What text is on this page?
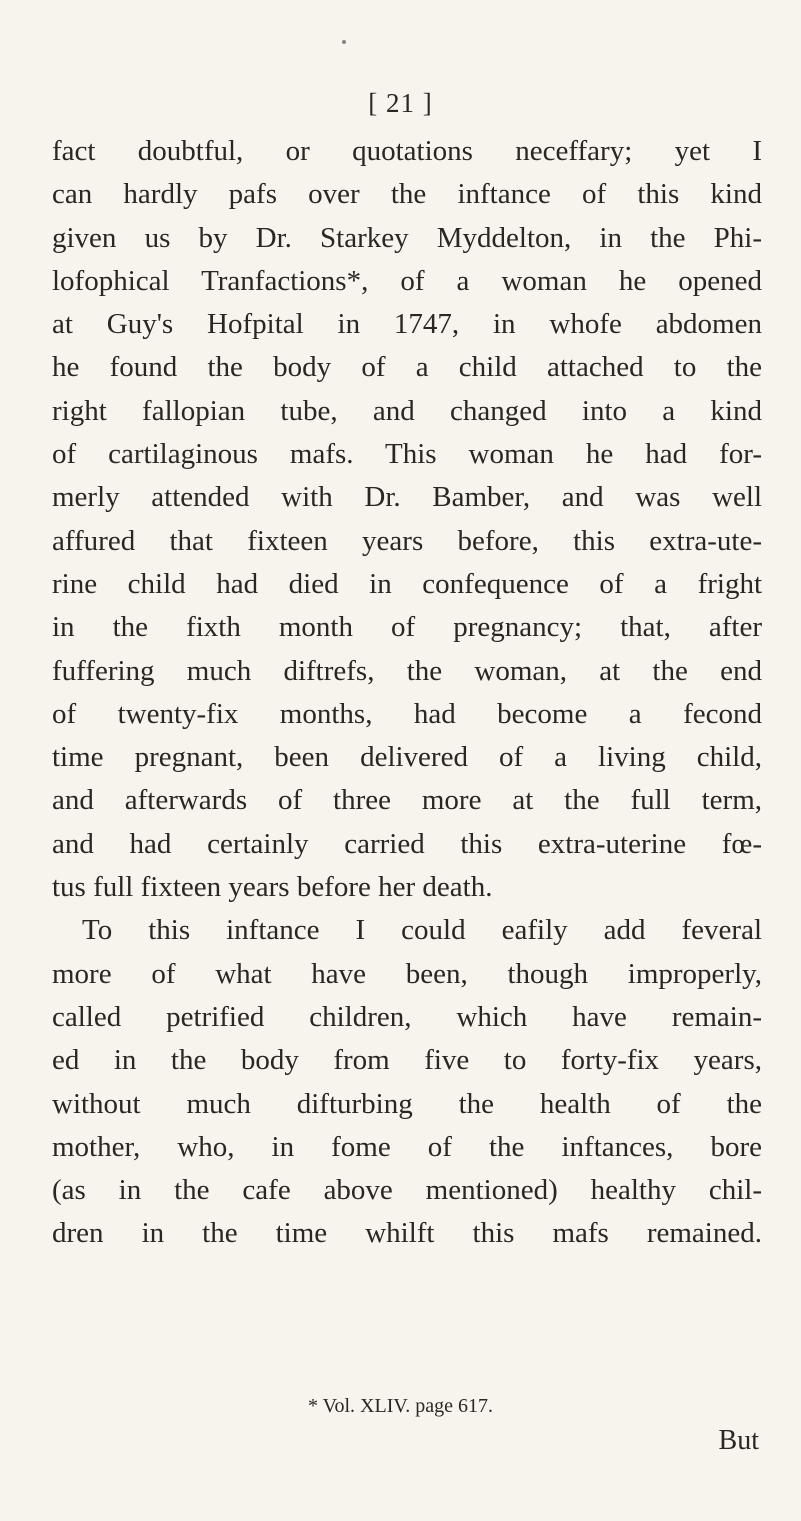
[ 21 ]
fact doubtful, or quotations neceffary; yet I
can hardly pafs over the inftance of this kind
given us by Dr. Starkey Myddelton, in the Phi-
lofophical Tranfactions*, of a woman he opened
at Guy's Hofpital in 1747, in whofe abdomen
he found the body of a child attached to the
right fallopian tube, and changed into a kind
of cartilaginous mafs. This woman he had for-
merly attended with Dr. Bamber, and was well
affured that fixteen years before, this extra-ute-
rine child had died in confequence of a fright
in the fixth month of pregnancy; that, after
fuffering much diftrefs, the woman, at the end
of twenty-fix months, had become a fecond
time pregnant, been delivered of a living child,
and afterwards of three more at the full term,
and had certainly carried this extra-uterine fœ-
tus full fixteen years before her death.
To this inftance I could eafily add feveral
more of what have been, though improperly,
called petrified children, which have remain-
ed in the body from five to forty-fix years,
without much difturbing the health of the
mother, who, in fome of the inftances, bore
(as in the cafe above mentioned) healthy chil-
dren in the time whilft this mafs remained.
* Vol. XLIV. page 617.
But
